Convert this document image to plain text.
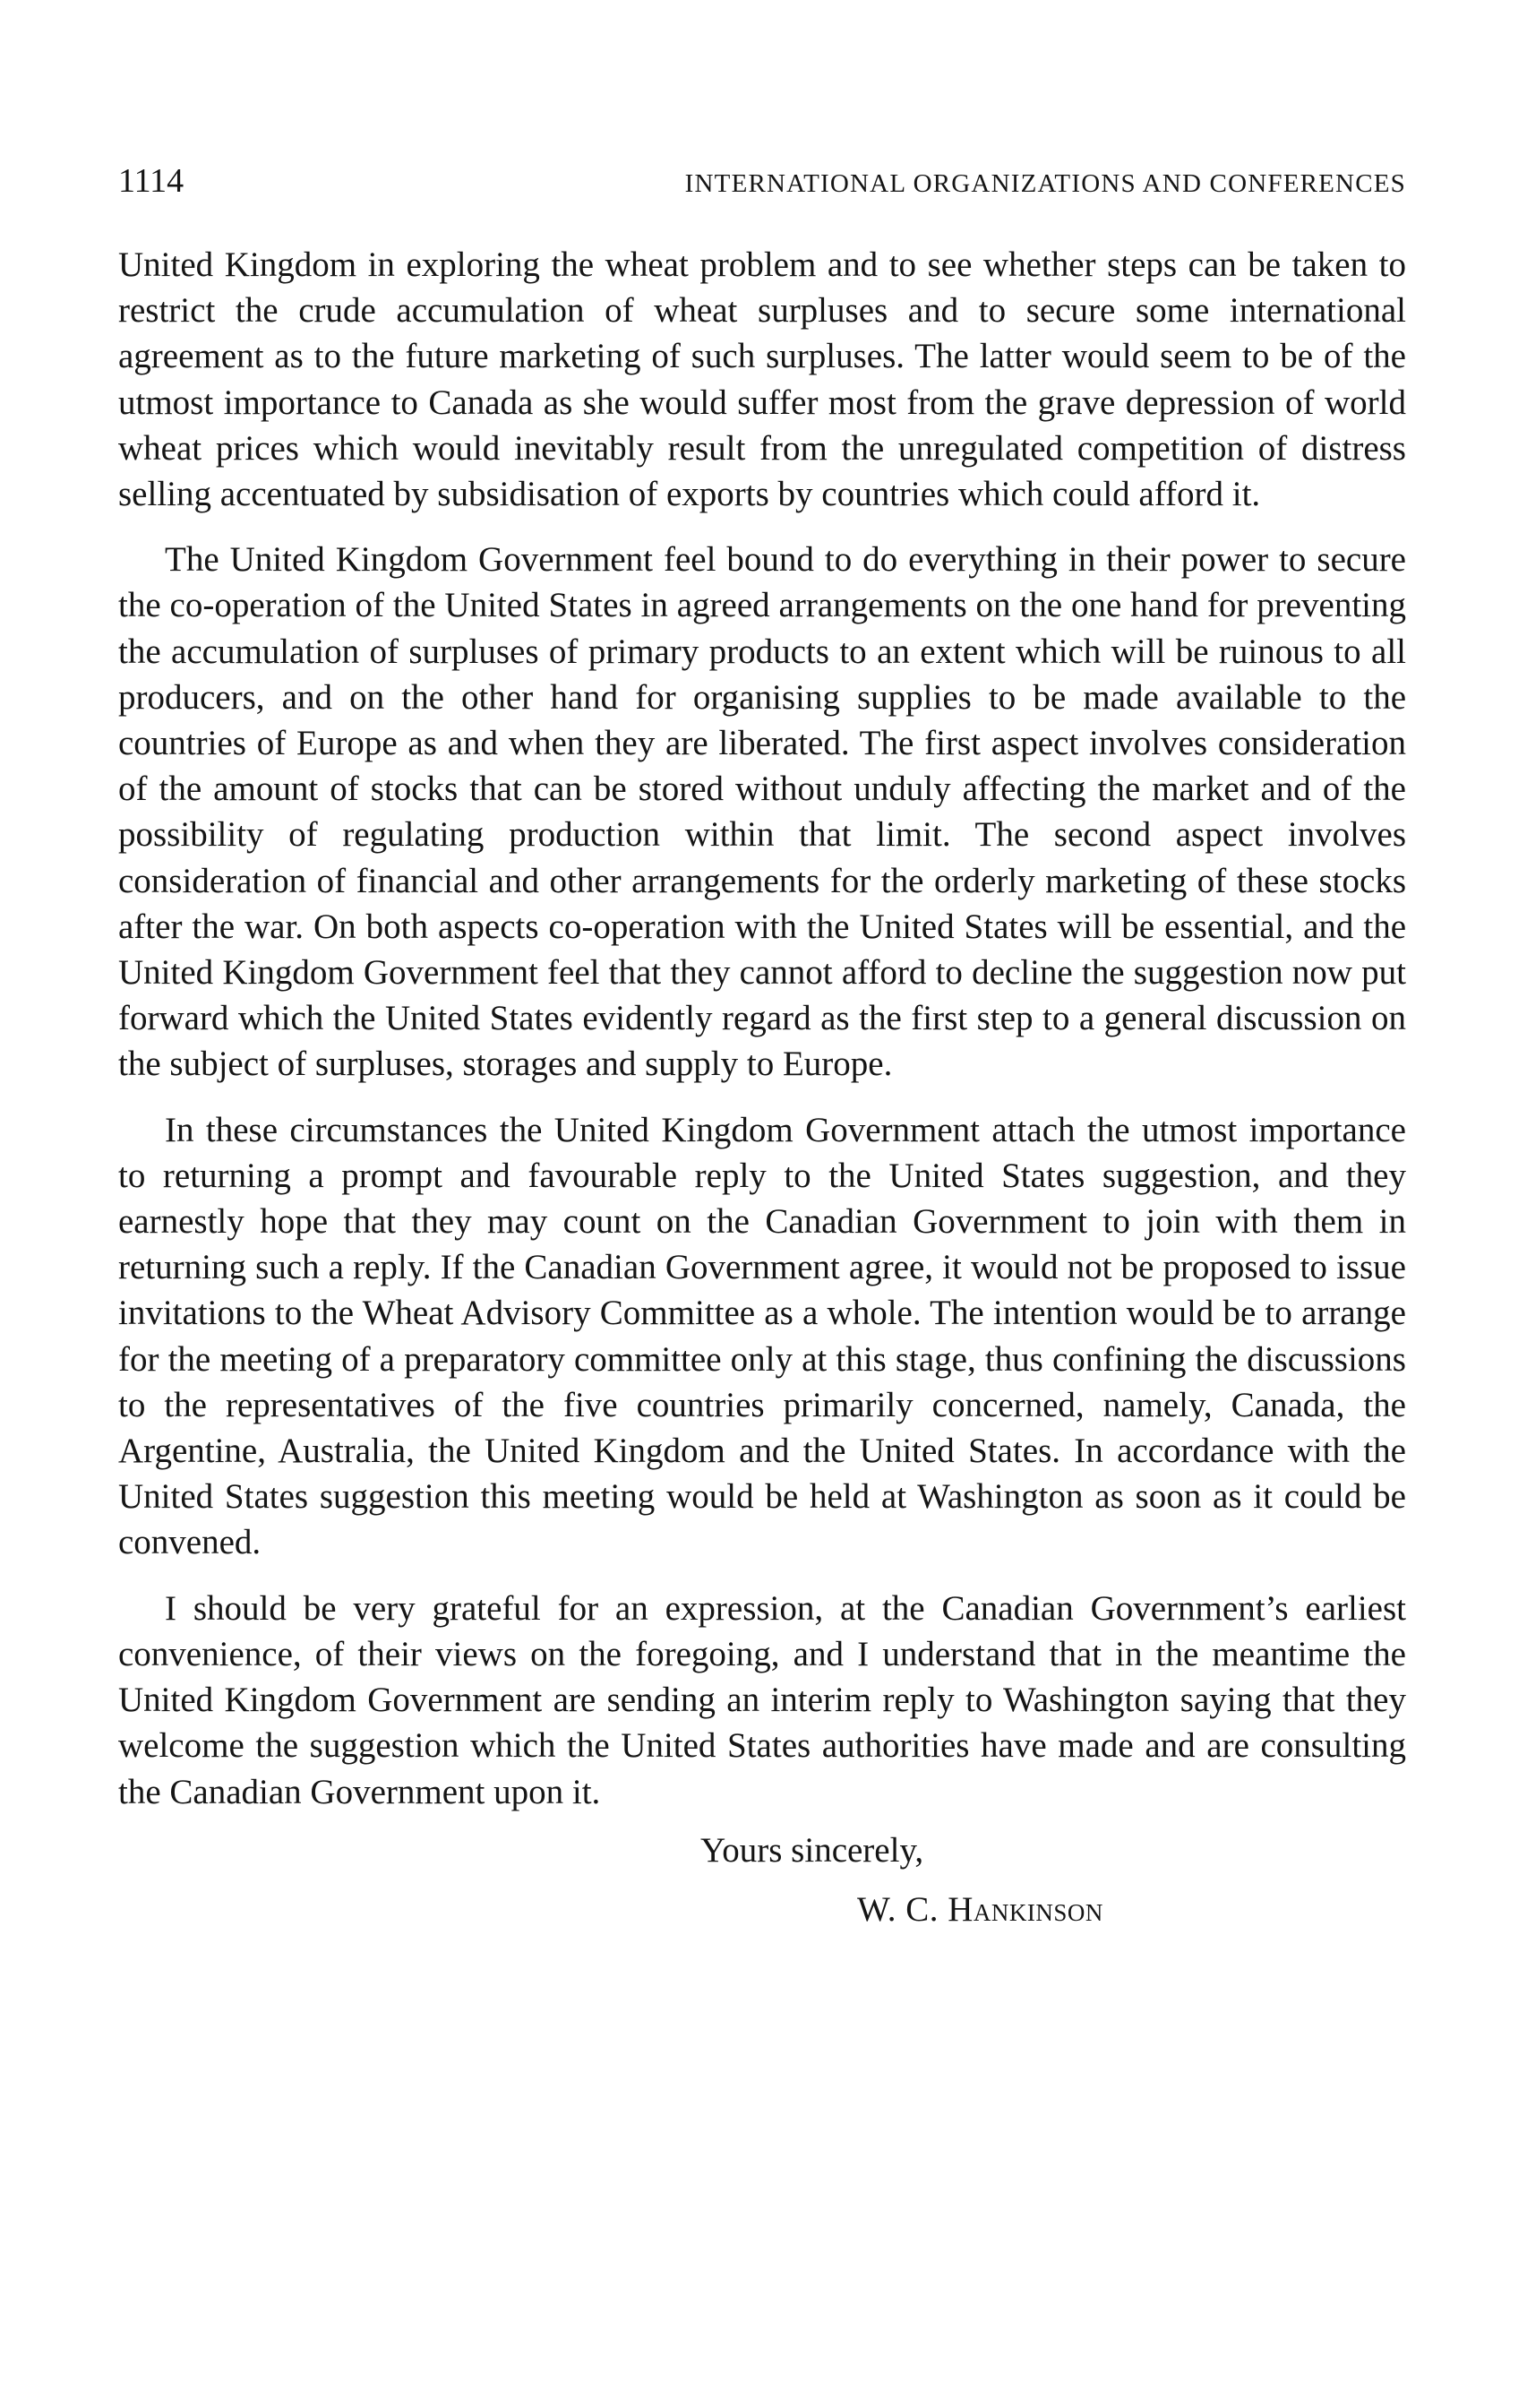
1114	INTERNATIONAL ORGANIZATIONS AND CONFERENCES

United Kingdom in exploring the wheat problem and to see whether steps can be taken to restrict the crude accumulation of wheat surpluses and to secure some international agreement as to the future marketing of such surpluses. The latter would seem to be of the utmost importance to Canada as she would suffer most from the grave depression of world wheat prices which would inevitably result from the unregulated competition of distress selling accentuated by subsidisation of exports by countries which could afford it.

The United Kingdom Government feel bound to do everything in their power to secure the co-operation of the United States in agreed arrangements on the one hand for preventing the accumulation of surpluses of primary products to an extent which will be ruinous to all producers, and on the other hand for organising supplies to be made available to the countries of Europe as and when they are liberated. The first aspect involves consideration of the amount of stocks that can be stored without unduly affecting the market and of the possibility of regulating production within that limit. The second aspect involves consideration of financial and other arrangements for the orderly marketing of these stocks after the war. On both aspects co-operation with the United States will be essential, and the United Kingdom Government feel that they cannot afford to decline the suggestion now put forward which the United States evidently regard as the first step to a general discussion on the subject of surpluses, storages and supply to Europe.

In these circumstances the United Kingdom Government attach the utmost importance to returning a prompt and favourable reply to the United States suggestion, and they earnestly hope that they may count on the Canadian Government to join with them in returning such a reply. If the Canadian Government agree, it would not be proposed to issue invitations to the Wheat Advisory Committee as a whole. The intention would be to arrange for the meeting of a preparatory committee only at this stage, thus confining the discussions to the representatives of the five countries primarily concerned, namely, Canada, the Argentine, Australia, the United Kingdom and the United States. In accordance with the United States suggestion this meeting would be held at Washington as soon as it could be convened.

I should be very grateful for an expression, at the Canadian Government’s earliest convenience, of their views on the foregoing, and I understand that in the meantime the United Kingdom Government are sending an interim reply to Washington saying that they welcome the suggestion which the United States authorities have made and are consulting the Canadian Government upon it.

Yours sincerely,
W. C. Hankinson
